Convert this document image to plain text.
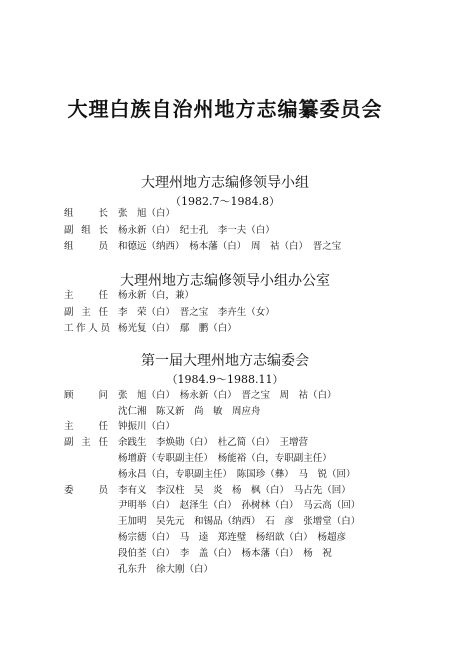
大理白族自治州地方志编纂委员会
大理州地方志编修领导小组
（1982.7～1984.8）
组	长 张　旭（白）
副 组 长 杨永新（白）　纪士孔　李一夫（白）
组	员 和德远（纳西）　杨本藩（白）　周　祜（白）　晋之宝
大理州地方志编修领导小组办公室
主	任 杨永新（白，兼）
副 主 任 李　荣（白）　晋之宝　李卉生（女）
工 作 人 员 杨光复（白）　鄢　鹏（白）
第一届大理州地方志编委会
（1984.9～1988.11）
顾	问 张　旭（白）　杨永新（白）　晋之宝　周　祜（白）
沈仁湘　陈又新　尚　敏　周应舟
主	任 钟振川（白）
副 主 任 余践生　李焕勋（白）　杜乙简（白）　王增营
杨增蔚（专职副主任）　杨能裕（白，专职副主任）
杨永昌（白，专职副主任）　陈国珍（彝）　马　锐（回）
委	员 李有义　李汉柱　吴　炎　杨　枫（白）　马占先（回）
尹明举（白）　赵泽生（白）　孙树林（白）　马云高（回）
王加明　吴先元　和锡品（纳西）　石　彦　张增堂（白）
杨宗德（白）　马　逵　郑连璧　杨绍歆（白）　杨超彦
段伯荃（白）　李　盖（白）　杨本藩（白）　杨　祝
孔东升　徐大刚（白）
